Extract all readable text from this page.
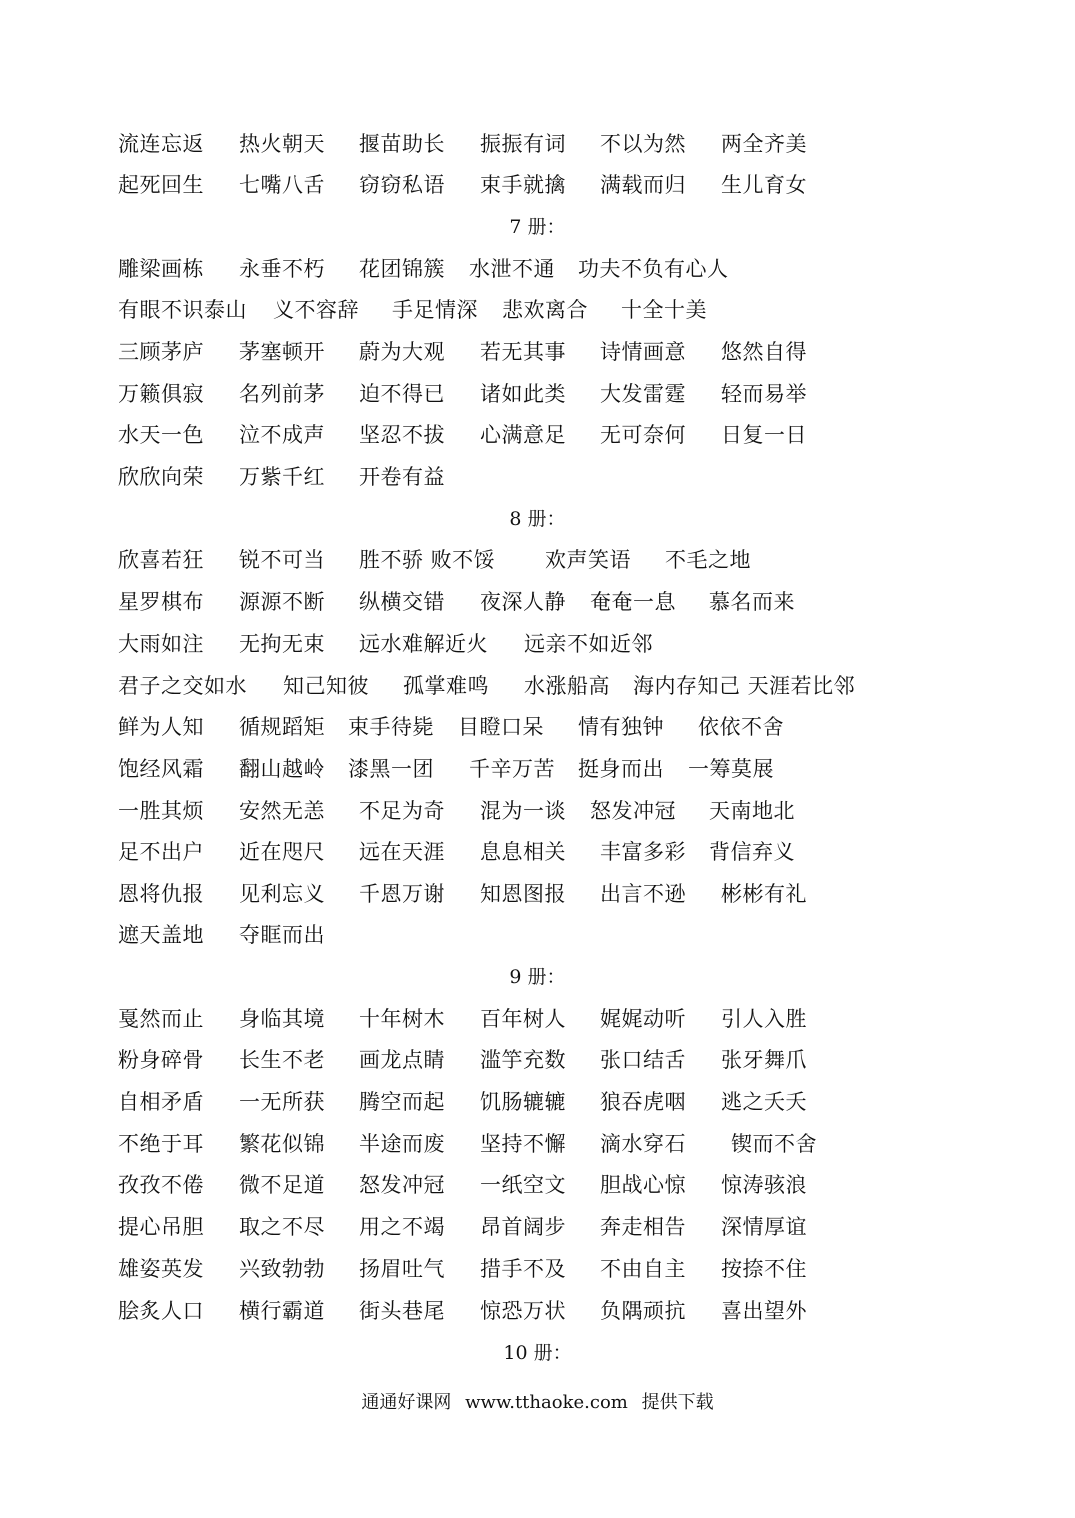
流连忘返 热火朝天 揠苗助长 振振有词 不以为然 两全齐美
起死回生 七嘴八舌 窃窃私语 束手就擒 满载而归 生儿育女
7 册：
雕梁画栋 永垂不朽 花团锦簇 水泄不通 功夫不负有心人
有眼不识泰山 义不容辞 手足情深 悲欢离合 十全十美
三顾茅庐 茅塞顿开 蔚为大观 若无其事 诗情画意 悠然自得
万籁俱寂 名列前茅 迫不得已 诸如此类 大发雷霆 轻而易举
水天一色 泣不成声 坚忍不拔 心满意足 无可奈何 日复一日
欣欣向荣 万紫千红 开卷有益
8 册：
欣喜若狂 锐不可当 胜不骄 败不馁 欢声笑语 不毛之地
星罗棋布 源源不断 纵横交错 夜深人静 奄奄一息 慕名而来
大雨如注 无拘无束 远水难解近火 远亲不如近邻
君子之交如水 知己知彼 孤掌难鸣 水涨船高 海内存知己 天涯若比邻
鲜为人知 循规蹈矩 束手待毙 目瞪口呆 情有独钟 依依不舍
饱经风霜 翻山越岭 漆黑一团 千辛万苦 挺身而出 一筹莫展
一胜其烦 安然无恙 不足为奇 混为一谈 怒发冲冠 天南地北
足不出户 近在咫尺 远在天涯 息息相关 丰富多彩 背信弃义
恩将仇报 见利忘义 千恩万谢 知恩图报 出言不逊 彬彬有礼
遮天盖地 夺眶而出
9 册：
戛然而止 身临其境 十年树木 百年树人 娓娓动听 引人入胜
粉身碎骨 长生不老 画龙点睛 滥竽充数 张口结舌 张牙舞爪
自相矛盾 一无所获 腾空而起 饥肠辘辘 狼吞虎咽 逃之夭夭
不绝于耳 繁花似锦 半途而废 坚持不懈 滴水穿石 锲而不舍
孜孜不倦 微不足道 怒发冲冠 一纸空文 胆战心惊 惊涛骇浪
提心吊胆 取之不尽 用之不竭 昂首阔步 奔走相告 深情厚谊
雄姿英发 兴致勃勃 扬眉吐气 措手不及 不由自主 按捺不住
脍炙人口 横行霸道 街头巷尾 惊恐万状 负隅顽抗 喜出望外
10 册：
通通好课网 www.tthaoke.com 提供下载
